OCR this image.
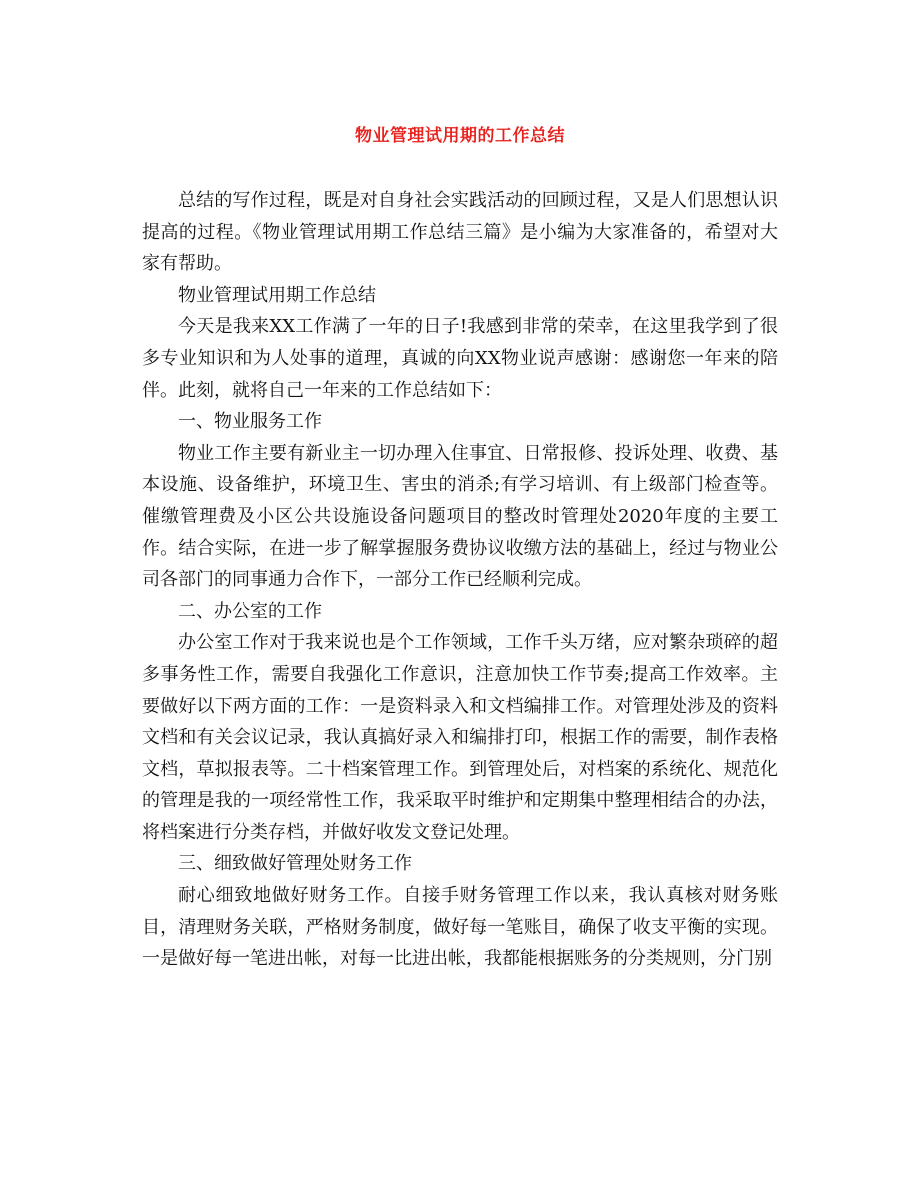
物业管理试用期的工作总结

总结的写作过程，既是对自身社会实践活动的回顾过程，又是人们思想认识提高的过程。《物业管理试用期工作总结三篇》是小编为大家准备的，希望对大家有帮助。

物业管理试用期工作总结

今天是我来XX工作满了一年的日子!我感到非常的荣幸，在这里我学到了很多专业知识和为人处事的道理，真诚的向XX物业说声感谢：感谢您一年来的陪伴。此刻，就将自己一年来的工作总结如下：

一、物业服务工作

物业工作主要有新业主一切办理入住事宜、日常报修、投诉处理、收费、基本设施、设备维护，环境卫生、害虫的消杀;有学习培训、有上级部门检查等。催缴管理费及小区公共设施设备问题项目的整改时管理处2020年度的主要工作。结合实际，在进一步了解掌握服务费协议收缴方法的基础上，经过与物业公司各部门的同事通力合作下，一部分工作已经顺利完成。

二、办公室的工作

办公室工作对于我来说也是个工作领域，工作千头万绪，应对繁杂琐碎的超多事务性工作，需要自我强化工作意识，注意加快工作节奏;提高工作效率。主要做好以下两方面的工作：一是资料录入和文档编排工作。对管理处涉及的资料文档和有关会议记录，我认真搞好录入和编排打印，根据工作的需要，制作表格文档，草拟报表等。二十档案管理工作。到管理处后，对档案的系统化、规范化的管理是我的一项经常性工作，我采取平时维护和定期集中整理相结合的办法，将档案进行分类存档，并做好收发文登记处理。

三、细致做好管理处财务工作

耐心细致地做好财务工作。自接手财务管理工作以来，我认真核对财务账目，清理财务关联，严格财务制度，做好每一笔账目，确保了收支平衡的实现。一是做好每一笔进出帐，对每一比进出帐，我都能根据账务的分类规则，分门别
